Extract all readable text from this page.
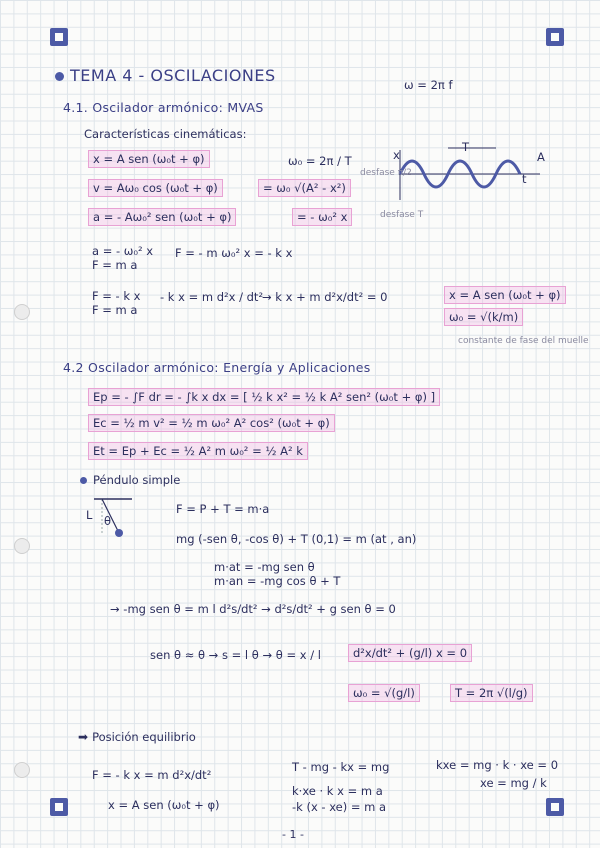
TEMA 4 - OSCILACIONES	ω = 2π f
4.1. Oscilador armónico: MVAS
Características cinemáticas:
x = A sen (ω₀t + φ)	ω₀ = 2π / T
v = Aω₀ cos (ω₀t + φ)	= ω₀ √(A² - x²)
a = - Aω₀² sen (ω₀t + φ)	= - ω₀² x
x
t
T
A
desfase π/2
desfase T
a = - ω₀² x
F = m a
F = - m ω₀² x = - k x
F = - k x
F = m a
- k x = m d²x / dt²
→ k x + m d²x/dt² = 0	x = A sen (ω₀t + φ)
ω₀ = √(k/m)
constante de fase del muelle
4.2 Oscilador armónico: Energía y Aplicaciones
Ep = - ∫F dr = - ∫k x dx = [ ½ k x² = ½ k A² sen² (ω₀t + φ) ]
Ec = ½ m v² = ½ m ω₀² A² cos² (ω₀t + φ)
Et = Ep + Ec = ½ A² m ω₀² = ½ A² k
Péndulo simple
L θ
F = P + T = m·a
mg (-sen θ, -cos θ) + T (0,1) = m (at , an)
m·at = -mg sen θ
m·an = -mg cos θ + T
→ -mg sen θ = m l d²s/dt² → d²s/dt² + g sen θ = 0
sen θ ≈ θ → s = l θ → θ = x / l	d²x/dt² + (g/l) x = 0
ω₀ = √(g/l)	T = 2π √(l/g)
➡ Posición equilibrio
F = - k x = m d²x/dt²
x = A sen (ω₀t + φ)
T - mg - kx = mg
k·xe · k x = m a
-k (x - xe) = m a
kxe = mg · k · xe = 0
xe = mg / k
- 1 -
